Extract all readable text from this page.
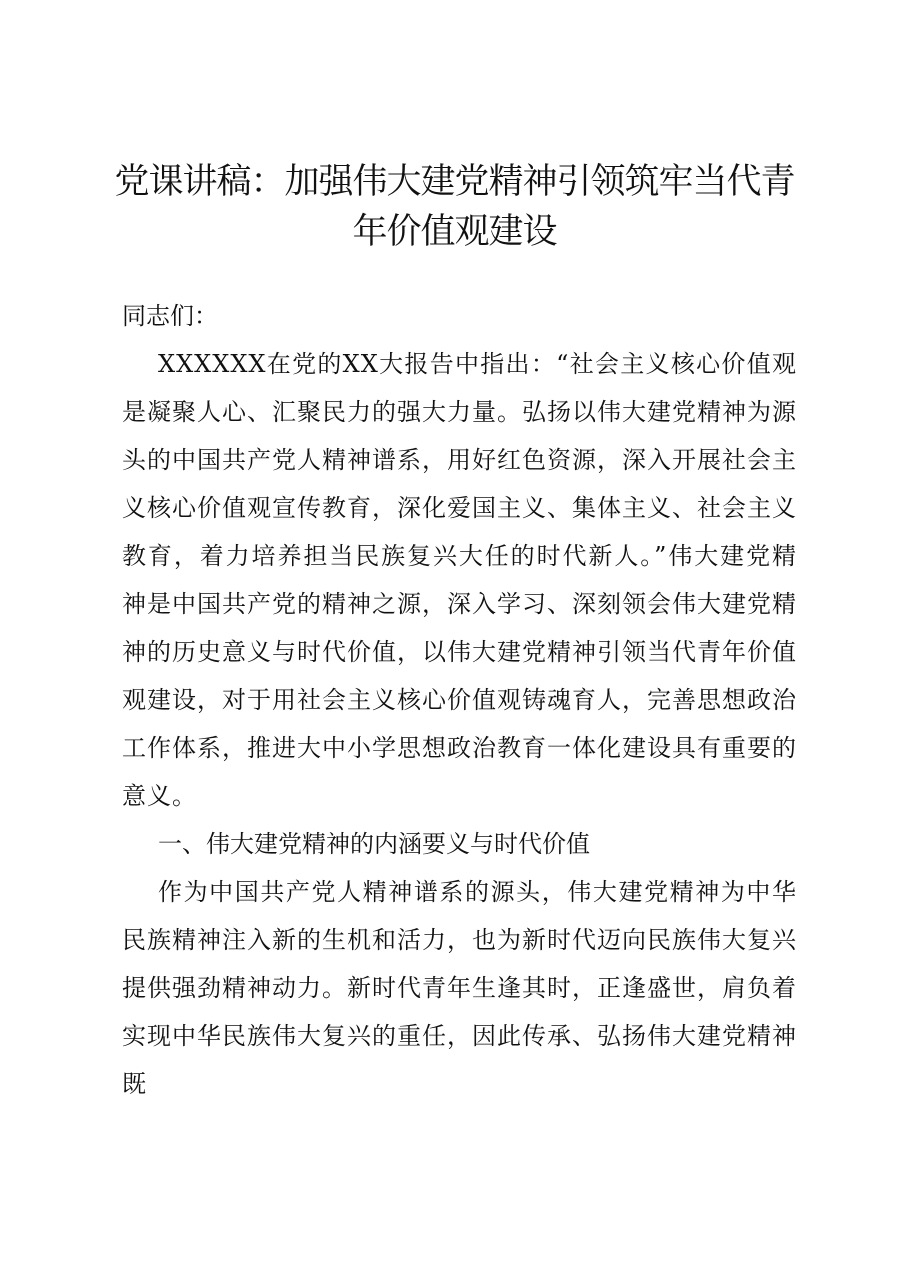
党课讲稿：加强伟大建党精神引领筑牢当代青
年价值观建设

同志们：

XXXXXX在党的XX大报告中指出：“社会主义核心价值观是凝聚人心、汇聚民力的强大力量。弘扬以伟大建党精神为源头的中国共产党人精神谱系，用好红色资源，深入开展社会主义核心价值观宣传教育，深化爱国主义、集体主义、社会主义教育，着力培养担当民族复兴大任的时代新人。”伟大建党精神是中国共产党的精神之源，深入学习、深刻领会伟大建党精神的历史意义与时代价值，以伟大建党精神引领当代青年价值观建设，对于用社会主义核心价值观铸魂育人，完善思想政治工作体系，推进大中小学思想政治教育一体化建设具有重要的意义。

一、伟大建党精神的内涵要义与时代价值

作为中国共产党人精神谱系的源头，伟大建党精神为中华民族精神注入新的生机和活力，也为新时代迈向民族伟大复兴提供强劲精神动力。新时代青年生逢其时，正逢盛世，肩负着实现中华民族伟大复兴的重任，因此传承、弘扬伟大建党精神既
